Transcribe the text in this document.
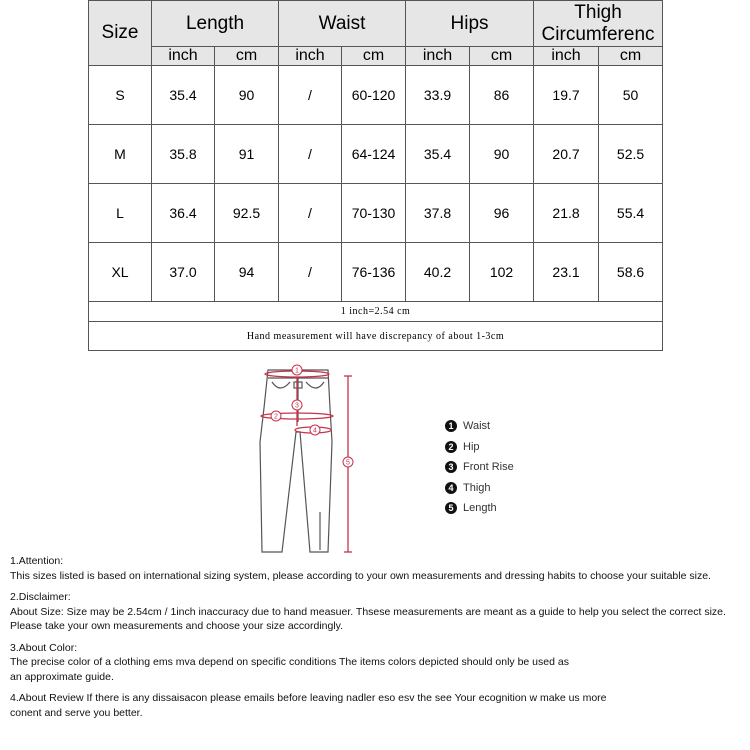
Size	Length		Waist		Hips		Thigh
Circumferenc	

	inch	cm	inch	cm	inch	cm	inch	cm
S	35.4	90	/	60-120	33.9	86	19.7	50
M	35.8	91	/	64-124	35.4	90	20.7	52.5
L	36.4	92.5	/	70-130	37.8	96	21.8	55.4
XL	37.0	94	/	76-136	40.2	102	23.1	58.6
1 inch=2.54 cm								
Hand measurement will have discrepancy of about 1-3cm								
1
2
3
4
5
1 Waist
2 Hip
3 Front Rise
4 Thigh
5 Length

1.Attention:

This sizes listed is based on international sizing system, please according to your own measurements and dressing habits to choose your suitable size.

2.Disclaimer:

About Size: Size may be 2.54cm / 1inch inaccuracy due to hand measuer. Thsese measurements are meant as a guide to help you select the correct size.

Please take your own measurements and choose your size accordingly.

3.About Color:

The precise color of a clothing ems mva depend on specific conditions The items colors depicted should only be used as

an approximate guide.

4.About Review If there is any dissaisacon please emails before leaving nadler eso esv the see Your ecognition w make us more

conent and serve you better.
